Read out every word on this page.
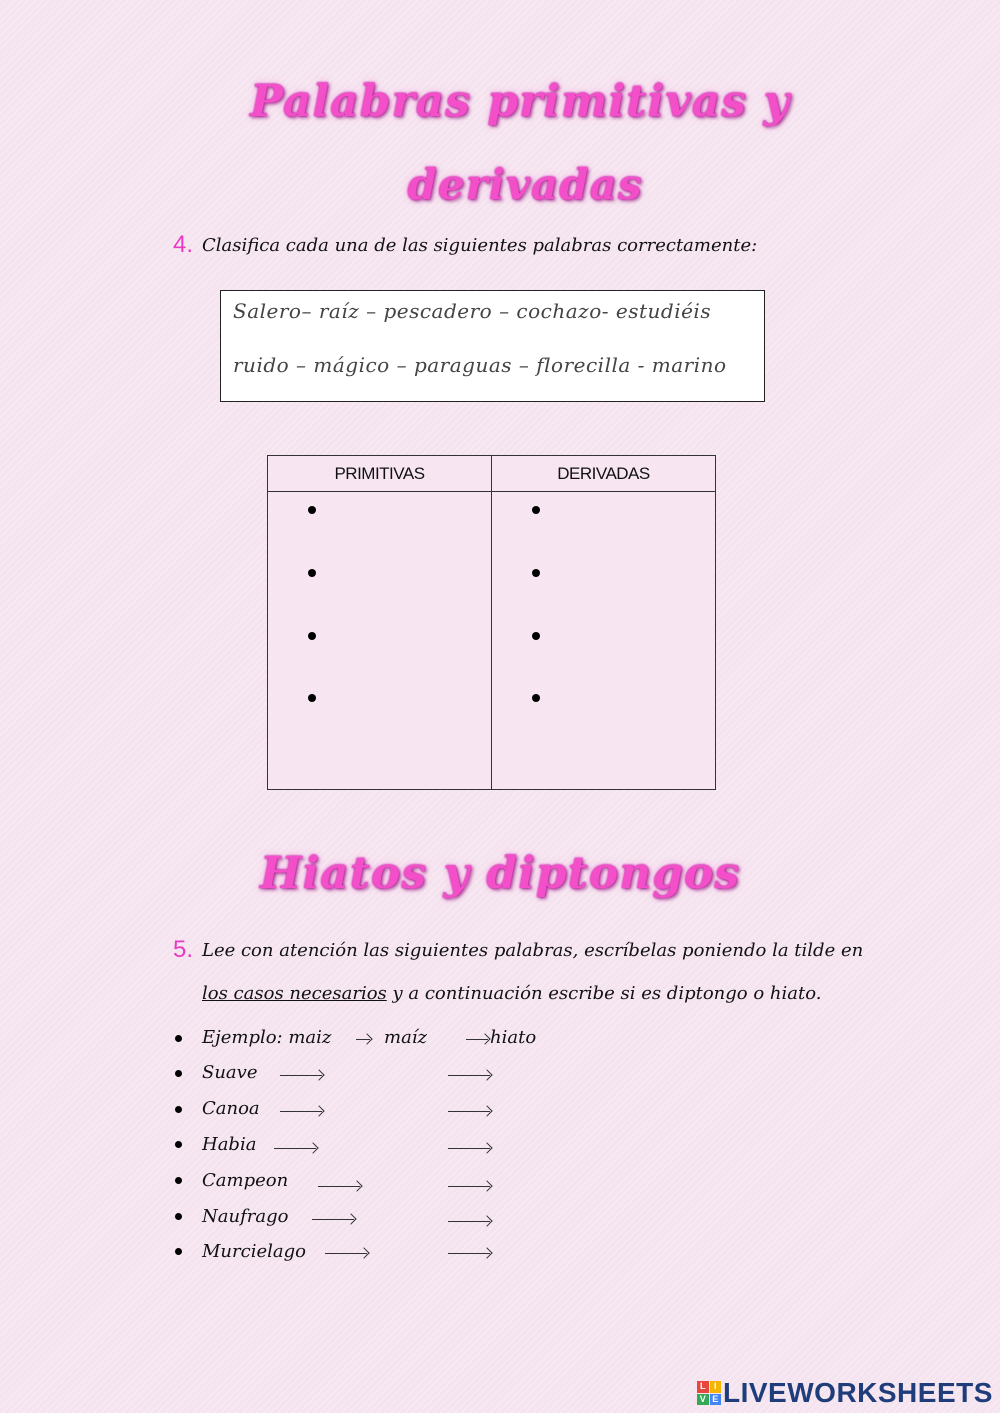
Palabras primitivas y
derivadas
4. Clasifica cada una de las siguientes palabras correctamente:
Salero– raíz – pescadero – cochazo- estudiéis
ruido – mágico – paraguas – florecilla - marino
PRIMITIVAS	DERIVADAS

Hiatos y diptongos
5. Lee con atención las siguientes palabras, escríbelas poniendo la tilde en
los casos necesarios y a continuación escribe si es diptongo o hiato.
Ejemplo: maiz	maíz	hiato
Suave
Canoa
Habia
Campeon
Naufrago
Murcielago
L I
V E LIVEWORKSHEETS
